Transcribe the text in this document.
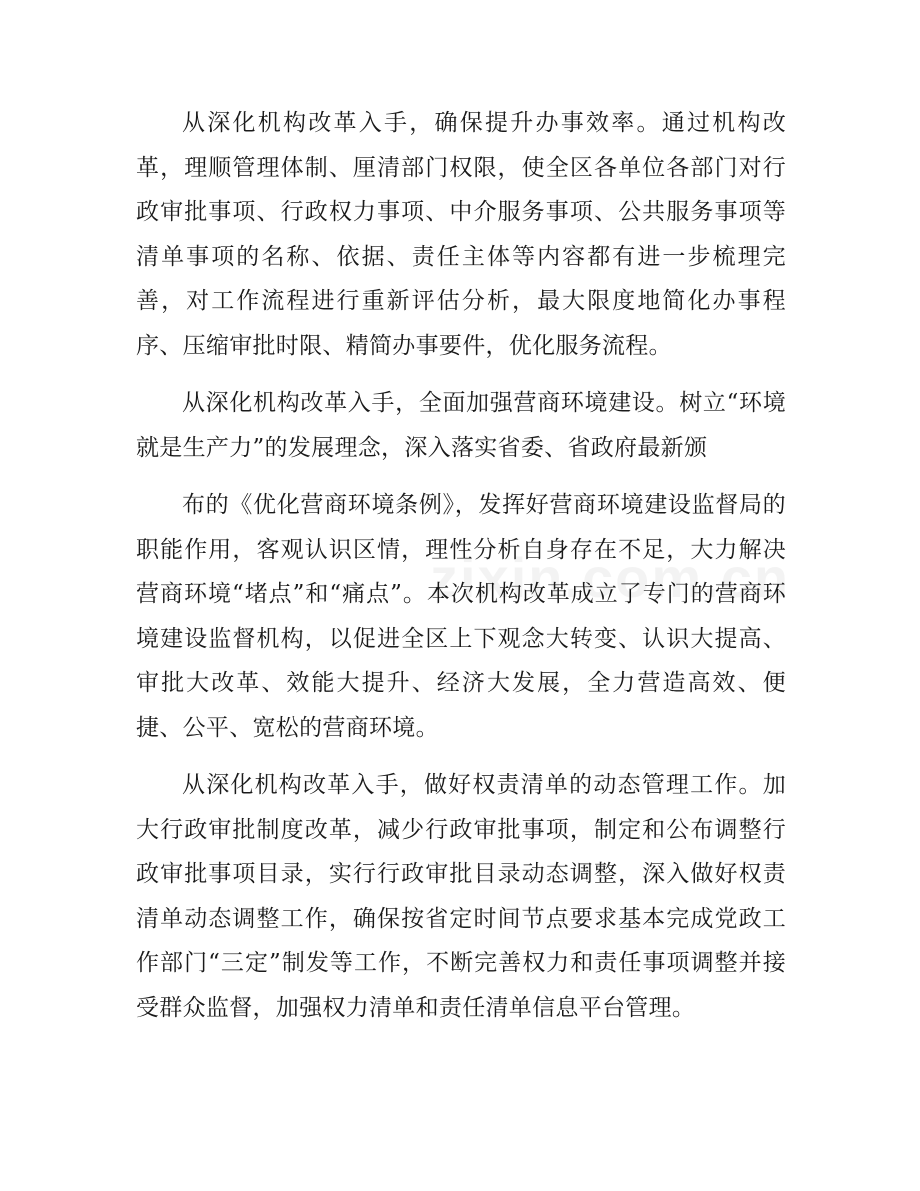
从深化机构改革入手，确保提升办事效率。通过机构改革，理顺管理体制、厘清部门权限，使全区各单位各部门对行政审批事项、行政权力事项、中介服务事项、公共服务事项等清单事项的名称、依据、责任主体等内容都有进一步梳理完善，对工作流程进行重新评估分析，最大限度地简化办事程序、压缩审批时限、精简办事要件，优化服务流程。

从深化机构改革入手，全面加强营商环境建设。树立“环境就是生产力”的发展理念，深入落实省委、省政府最新颁

布的《优化营商环境条例》，发挥好营商环境建设监督局的职能作用，客观认识区情，理性分析自身存在不足，大力解决营商环境“堵点”和“痛点”。本次机构改革成立了专门的营商环境建设监督机构，以促进全区上下观念大转变、认识大提高、审批大改革、效能大提升、经济大发展，全力营造高效、便捷、公平、宽松的营商环境。

从深化机构改革入手，做好权责清单的动态管理工作。加大行政审批制度改革，减少行政审批事项，制定和公布调整行政审批事项目录，实行行政审批目录动态调整，深入做好权责清单动态调整工作，确保按省定时间节点要求基本完成党政工作部门“三定”制发等工作，不断完善权力和责任事项调整并接受群众监督，加强权力清单和责任清单信息平台管理。
